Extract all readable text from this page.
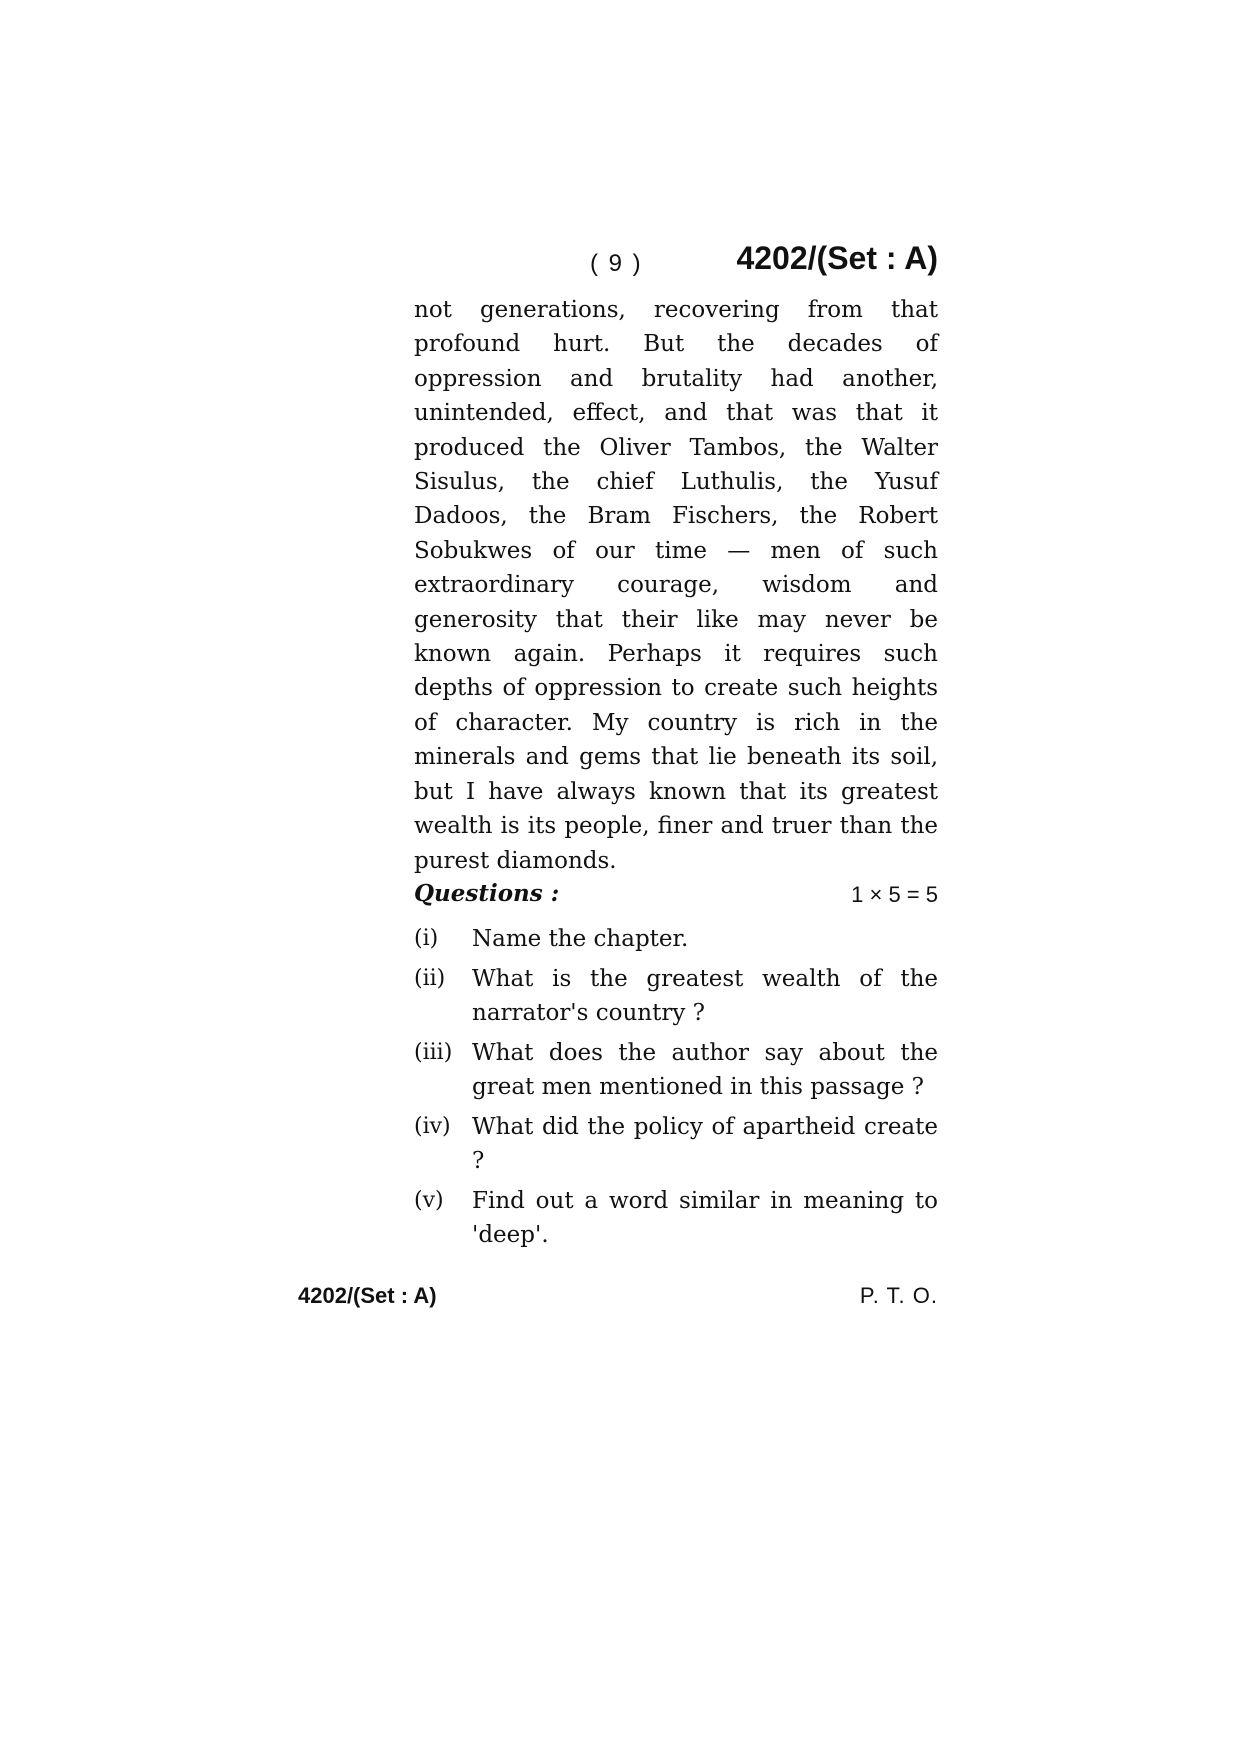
( 9 )	4202/(Set : A)

not generations, recovering from that profound hurt. But the decades of oppression and brutality had another, unintended, effect, and that was that it produced the Oliver Tambos, the Walter Sisulus, the chief Luthulis, the Yusuf Dadoos, the Bram Fischers, the Robert Sobukwes of our time — men of such extraordinary courage, wisdom and generosity that their like may never be known again. Perhaps it requires such depths of oppression to create such heights of character. My country is rich in the minerals and gems that lie beneath its soil, but I have always known that its greatest wealth is its people, finer and truer than the purest diamonds.

Questions :	1 × 5 = 5
(i) Name the chapter.
(ii) What is the greatest wealth of the narrator's country ?
(iii) What does the author say about the great men mentioned in this passage ?
(iv) What did the policy of apartheid create ?
(v) Find out a word similar in meaning to 'deep'.
4202/(Set : A)	P. T. O.
